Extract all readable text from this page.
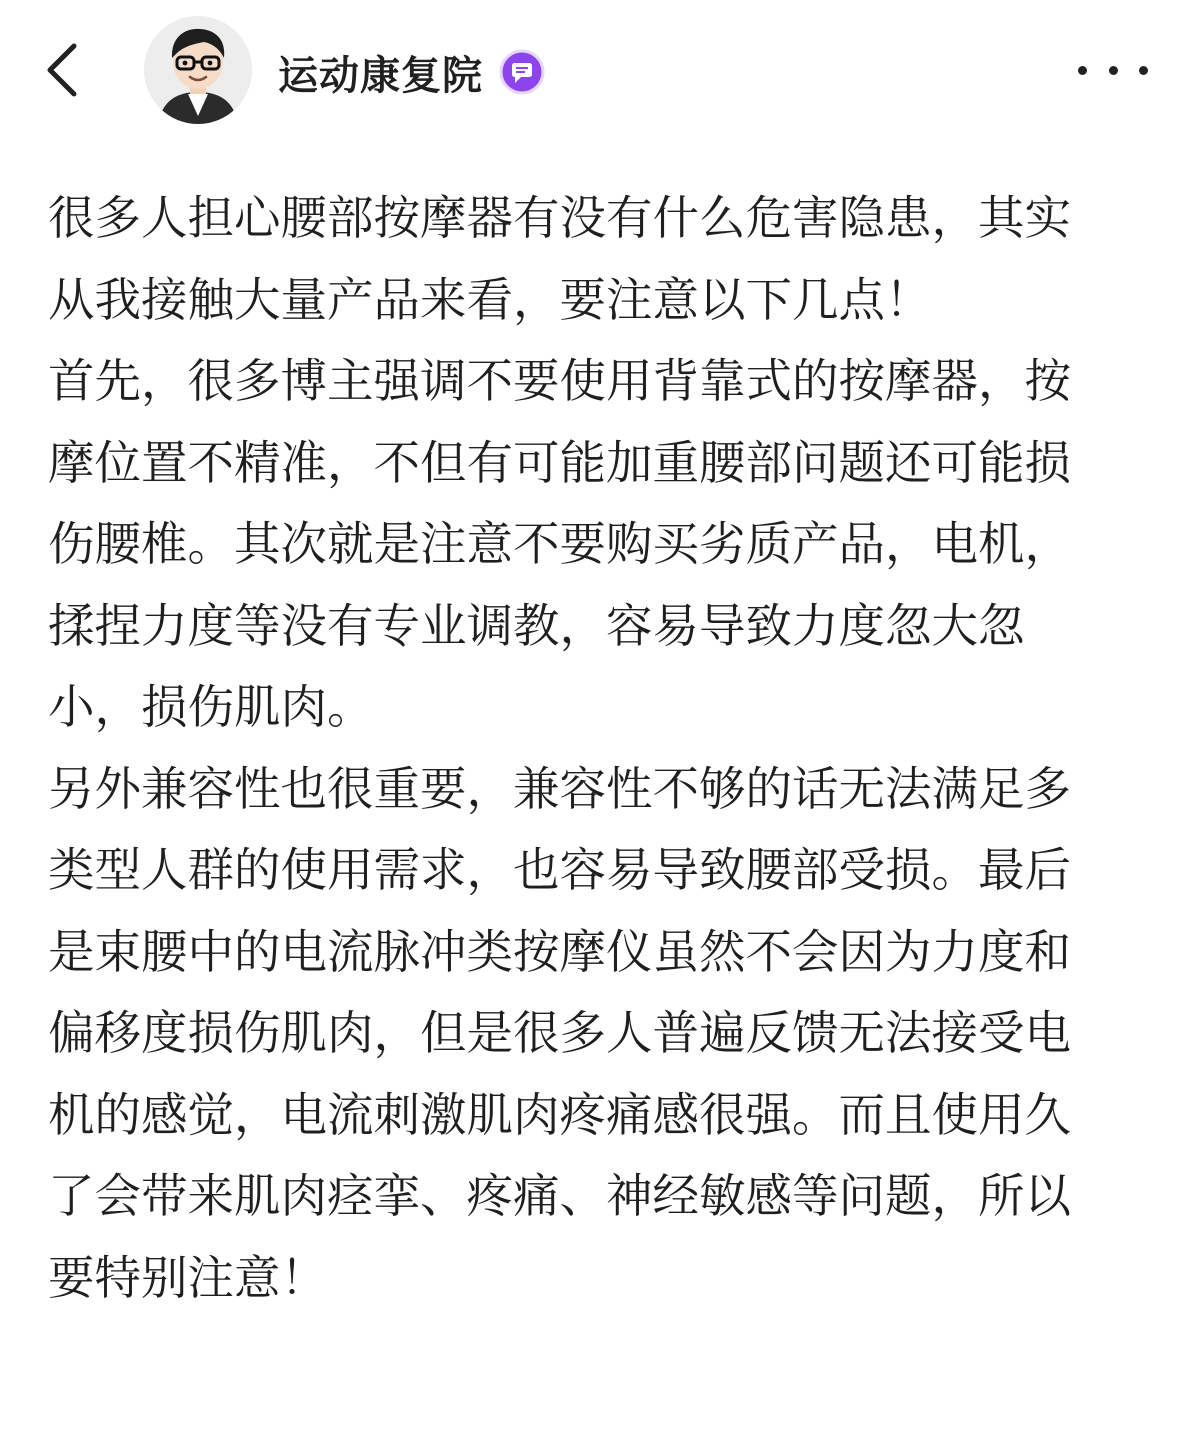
运动康复院

很多人担心腰部按摩器有没有什么危害隐患，其实从我接触大量产品来看，要注意以下几点！

首先，很多博主强调不要使用背靠式的按摩器，按摩位置不精准，不但有可能加重腰部问题还可能损伤腰椎。其次就是注意不要购买劣质产品，电机，揉捏力度等没有专业调教，容易导致力度忽大忽小，损伤肌肉。

另外兼容性也很重要，兼容性不够的话无法满足多类型人群的使用需求，也容易导致腰部受损。最后是束腰中的电流脉冲类按摩仪虽然不会因为力度和偏移度损伤肌肉，但是很多人普遍反馈无法接受电机的感觉，电流刺激肌肉疼痛感很强。而且使用久了会带来肌肉痉挛、疼痛、神经敏感等问题，所以要特别注意！
